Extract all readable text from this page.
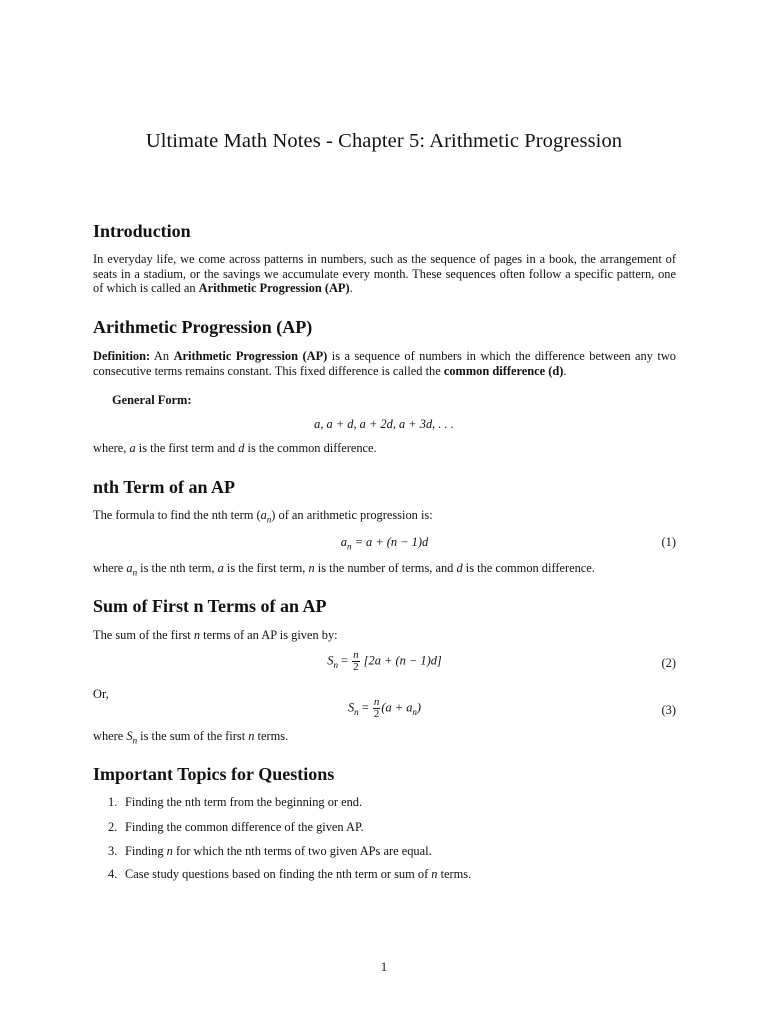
Ultimate Math Notes - Chapter 5: Arithmetic Progression
Introduction

In everyday life, we come across patterns in numbers, such as the sequence of pages in a book, the arrangement of seats in a stadium, or the savings we accumulate every month. These sequences often follow a specific pattern, one of which is called an Arithmetic Progression (AP).

Arithmetic Progression (AP)

Definition: An Arithmetic Progression (AP) is a sequence of numbers in which the difference between any two consecutive terms remains constant. This fixed difference is called the common difference (d).

General Form:
a, a + d, a + 2d, a + 3d, . . .
where, a is the first term and d is the common difference.
nth Term of an AP
The formula to find the nth term $(a_n)$ of an arithmetic progression is:
$a_n = a + (n - 1)d$	(1)
where $a_n$ is the nth term, a is the first term, n is the number of terms, and d is the common difference.
Sum of First n Terms of an AP
The sum of the first n terms of an AP is given by:
$S_n = \frac{n}{2} [2a + (n - 1)d]$	(2)
Or,
$S_n = \frac{n}{2} (a + a_n)$	(3)
where $S_n$ is the sum of the first n terms.
Important Topics for Questions
1. Finding the nth term from the beginning or end.
2. Finding the common difference of the given AP.
3. Finding n for which the nth terms of two given APs are equal.
4. Case study questions based on finding the nth term or sum of n terms.
1
